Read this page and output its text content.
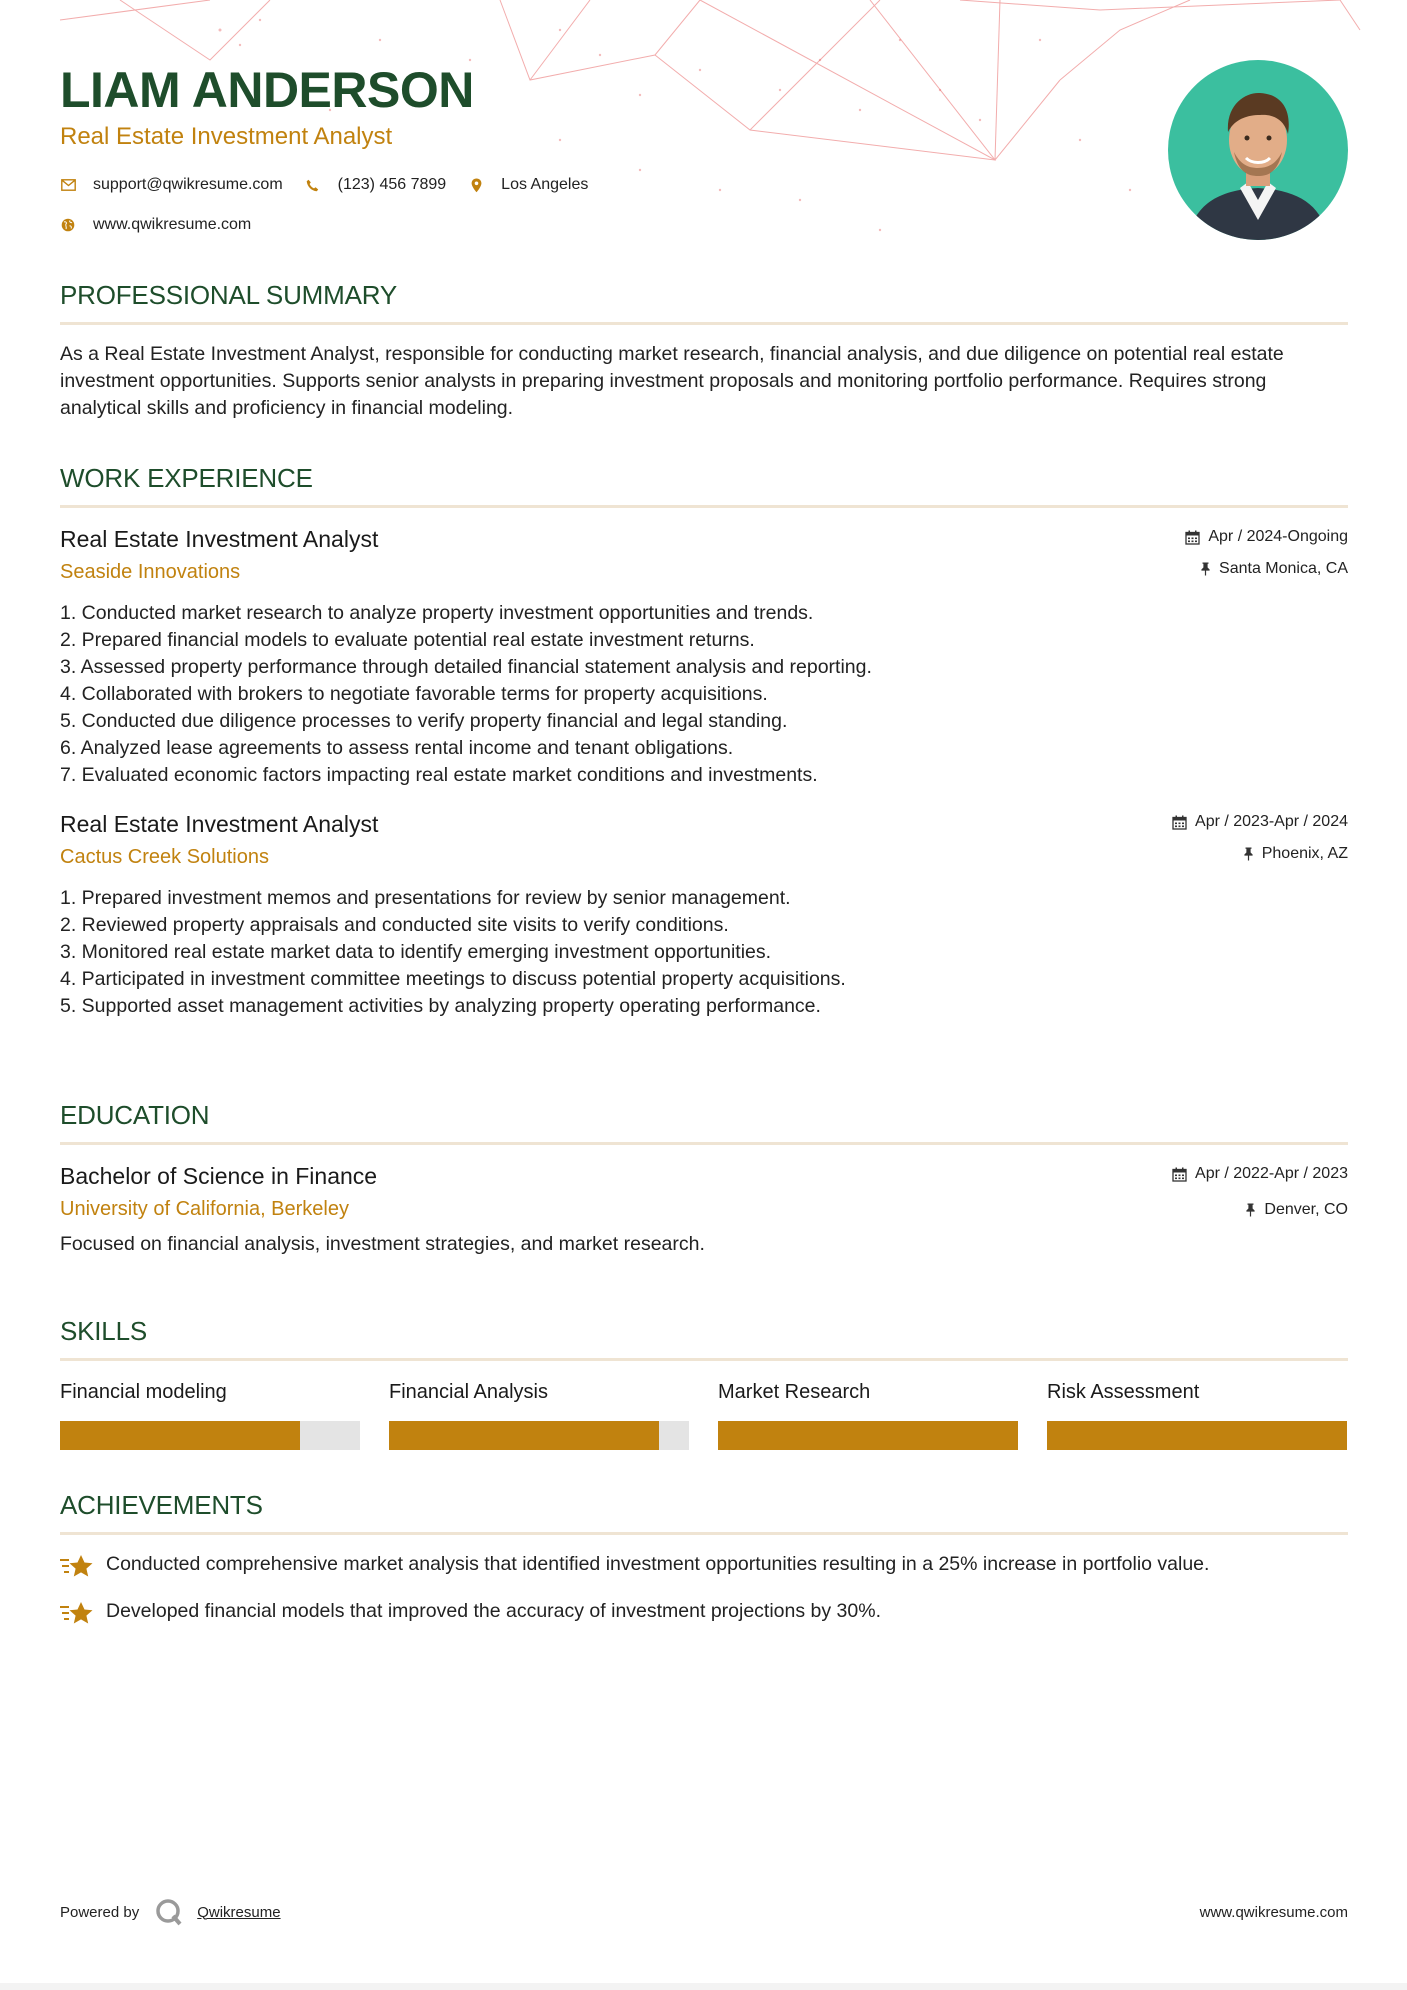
LIAM ANDERSON
Real Estate Investment Analyst
support@qwikresume.com	(123) 456 7899	Los Angeles
www.qwikresume.com
PROFESSIONAL SUMMARY
As a Real Estate Investment Analyst, responsible for conducting market research, financial analysis, and due diligence on potential real estate investment opportunities. Supports senior analysts in preparing investment proposals and monitoring portfolio performance. Requires strong analytical skills and proficiency in financial modeling.
WORK EXPERIENCE
Real Estate Investment Analyst
Seaside Innovations
Apr / 2024-Ongoing
Santa Monica, CA
1. Conducted market research to analyze property investment opportunities and trends.
2. Prepared financial models to evaluate potential real estate investment returns.
3. Assessed property performance through detailed financial statement analysis and reporting.
4. Collaborated with brokers to negotiate favorable terms for property acquisitions.
5. Conducted due diligence processes to verify property financial and legal standing.
6. Analyzed lease agreements to assess rental income and tenant obligations.
7. Evaluated economic factors impacting real estate market conditions and investments.
Real Estate Investment Analyst
Cactus Creek Solutions
Apr / 2023-Apr / 2024
Phoenix, AZ
1. Prepared investment memos and presentations for review by senior management.
2. Reviewed property appraisals and conducted site visits to verify conditions.
3. Monitored real estate market data to identify emerging investment opportunities.
4. Participated in investment committee meetings to discuss potential property acquisitions.
5. Supported asset management activities by analyzing property operating performance.
EDUCATION
Bachelor of Science in Finance
University of California, Berkeley
Apr / 2022-Apr / 2023
Denver, CO
Focused on financial analysis, investment strategies, and market research.
SKILLS
Financial modeling	Financial Analysis	Market Research	Risk Assessment
ACHIEVEMENTS
Conducted comprehensive market analysis that identified investment opportunities resulting in a 25% increase in portfolio value.
Developed financial models that improved the accuracy of investment projections by 30%.
Powered by	Qwikresume	www.qwikresume.com
